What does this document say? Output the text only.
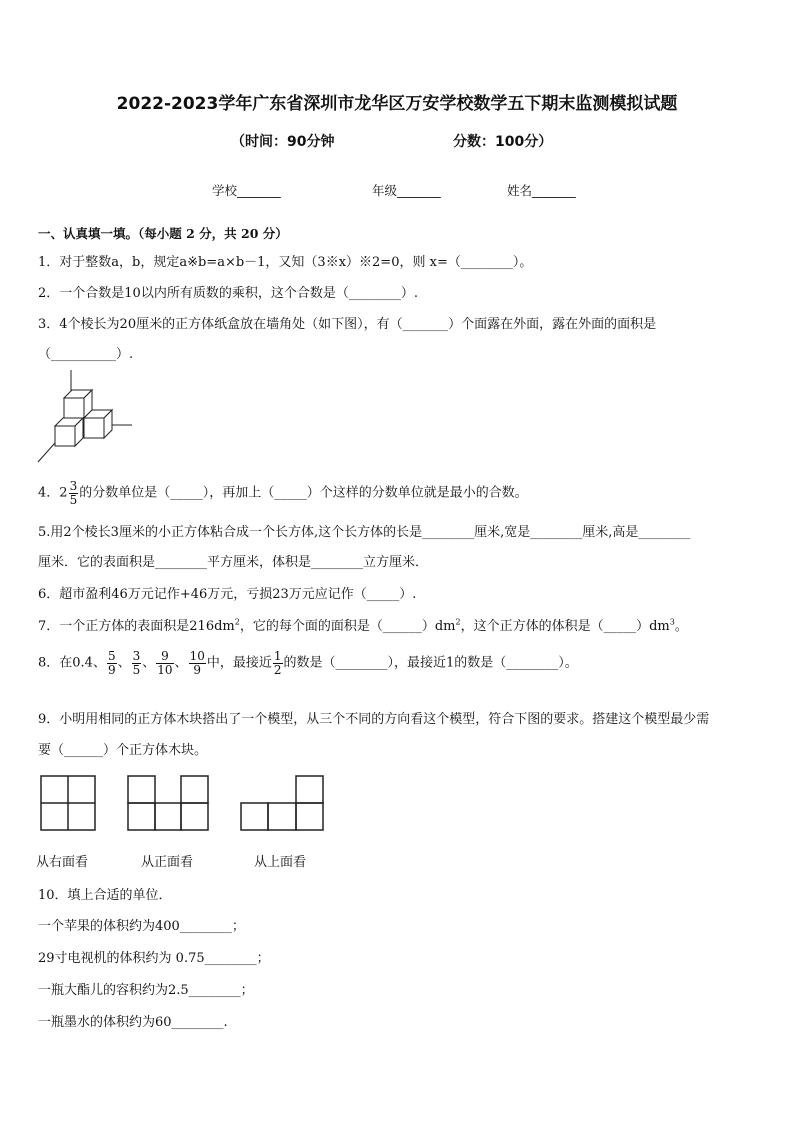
2022-2023学年广东省深圳市龙华区万安学校数学五下期末监测模拟试题
（时间：90分钟	分数：100分）
学校_______	年级_______	姓名_______
一、认真填一填。（每小题 2 分，共 20 分）
1．对于整数a，b，规定a※b=a×b－1，又知（3※x）※2=0，则 x=（________）。
2．一个合数是10以内所有质数的乘积，这个合数是（________）.
3．4个棱长为20厘米的正方体纸盒放在墙角处（如下图），有（_______）个面露在外面，露在外面的面积是
（__________）.
4．$2 \frac{3}{5}$ 的分数单位是（_____），再加上（_____）个这样的分数单位就是最小的合数。
5.用2个棱长3厘米的小正方体粘合成一个长方体,这个长方体的长是________厘米,宽是________厘米,高是________
厘米．它的表面积是________平方厘米，体积是________立方厘米．
6．超市盈利46万元记作+46万元，亏损23万元应记作（_____）.
7．一个正方体的表面积是$216dm^2$，它的每个面的面积是$(\_\_\_\_\_\_)dm^2$，这个正方体的体积是$(\_\_\_\_\_)dm^3$。
8．在0.4、 $\frac{5}{9}$ 、 $\frac{3}{5}$ 、 $\frac{9}{10}$ 、 $\frac{10}{9}$ 中，最接近 $\frac{1}{2}$ 的数是（________），最接近1的数是（________）。
9．小明用相同的正方体木块搭出了一个模型，从三个不同的方向看这个模型，符合下图的要求。搭建这个模型最少需
要（______）个正方体木块。
从右面看	从正面看	从上面看
10．填上合适的单位．
一个苹果的体积约为400________；
29寸电视机的体积约为 0.75________；
一瓶大酯儿的容积约为2.5________；
一瓶墨水的体积约为60________.
